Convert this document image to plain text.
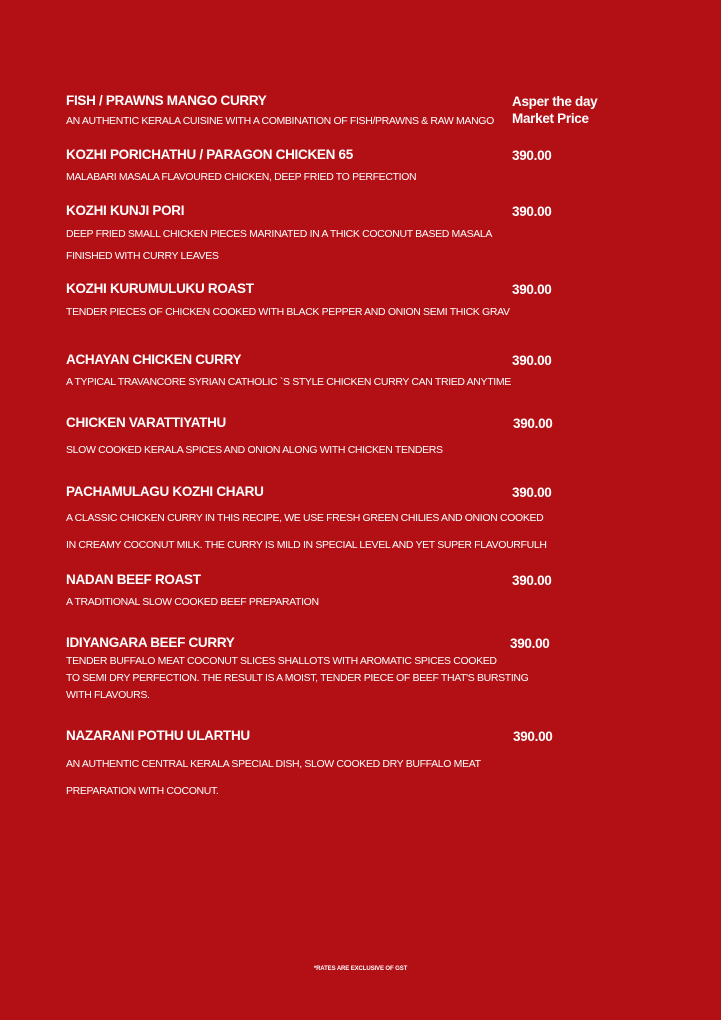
FISH / PRAWNS MANGO CURRY	Asper the day
Market Price
AN AUTHENTIC KERALA CUISINE WITH A COMBINATION OF FISH/PRAWNS & RAW MANGO
KOZHI PORICHATHU / PARAGON CHICKEN 65	390.00
MALABARI MASALA FLAVOURED CHICKEN, DEEP FRIED TO PERFECTION
KOZHI KUNJI PORI	390.00
DEEP FRIED SMALL CHICKEN PIECES MARINATED IN A THICK COCONUT BASED MASALA
FINISHED WITH CURRY LEAVES
KOZHI KURUMULUKU ROAST	390.00
TENDER PIECES OF CHICKEN COOKED WITH BLACK PEPPER AND ONION SEMI THICK GRAV
ACHAYAN CHICKEN CURRY	390.00
A TYPICAL TRAVANCORE SYRIAN CATHOLIC `S STYLE CHICKEN CURRY CAN TRIED ANYTIME
CHICKEN VARATTIYATHU	390.00
SLOW COOKED KERALA SPICES AND ONION ALONG WITH CHICKEN TENDERS
PACHAMULAGU KOZHI CHARU	390.00
A CLASSIC CHICKEN CURRY IN THIS RECIPE, WE USE FRESH GREEN CHILIES AND ONION COOKED
IN CREAMY COCONUT MILK. THE CURRY IS MILD IN SPECIAL LEVEL AND YET SUPER FLAVOURFULH
NADAN BEEF ROAST	390.00
A TRADITIONAL SLOW COOKED BEEF PREPARATION
IDIYANGARA BEEF CURRY	390.00
TENDER BUFFALO MEAT COCONUT SLICES SHALLOTS WITH AROMATIC SPICES COOKED
TO SEMI DRY PERFECTION. THE RESULT IS A MOIST, TENDER PIECE OF BEEF THAT'S BURSTING
WITH FLAVOURS.
NAZARANI POTHU ULARTHU	390.00
AN AUTHENTIC CENTRAL KERALA SPECIAL DISH, SLOW COOKED DRY BUFFALO MEAT
PREPARATION WITH COCONUT.
*RATES ARE EXCLUSIVE OF GST
